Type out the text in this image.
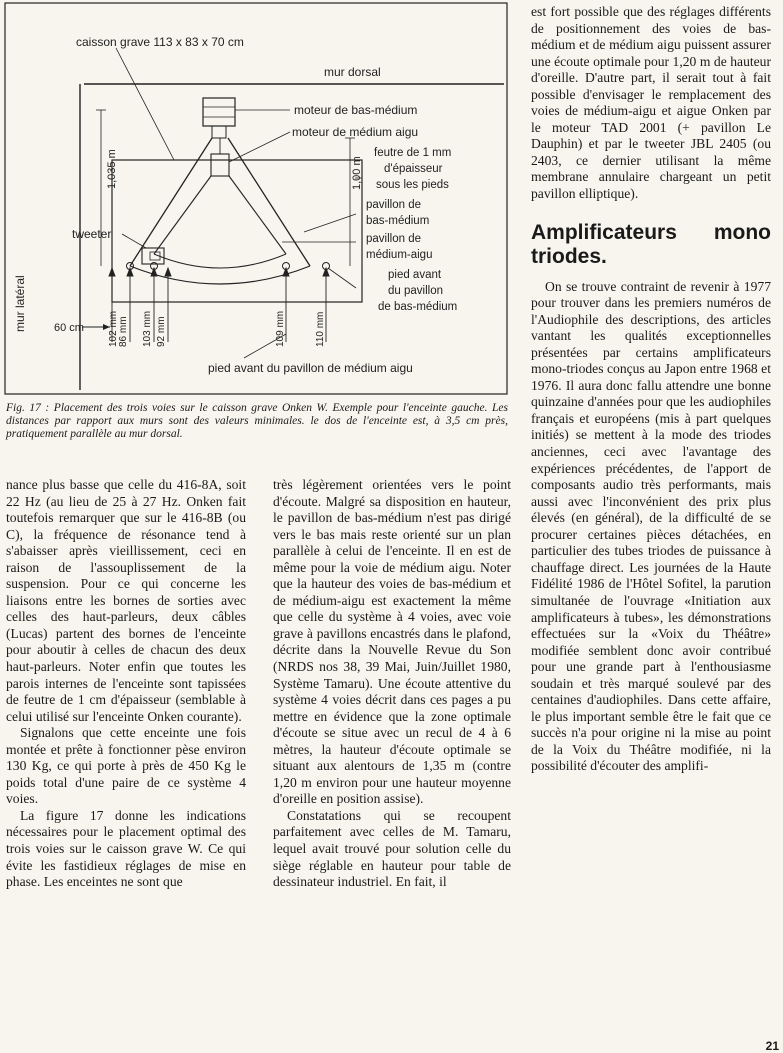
caisson grave 113 x 83 x 70 cm
mur dorsal
moteur de bas-médium
moteur de médium aigu
feutre de 1 mm
d'épaisseur
sous les pieds
pavillon de
bas-médium
pavillon de
médium-aigu
pied avant
du pavillon
de bas-médium
tweeter
mur latéral
1,035 m	1,00 m
60 cm 102 mm 86 mm 103 mm 92 mm	109 mm	110 mm
pied avant du pavillon de médium aigu

Fig. 17 : Placement des trois voies sur le caisson grave Onken W. Exemple pour l'enceinte gauche. Les distances par rapport aux murs sont des valeurs minimales. le dos de l'enceinte est, à 3,5 cm près, pratiquement parallèle au mur dorsal.

nance plus basse que celle du 416-8A, soit 22 Hz (au lieu de 25 à 27 Hz. Onken fait toutefois remarquer que sur le 416-8B (ou C), la fréquence de résonance tend à s'abaisser après vieillissement, ceci en raison de l'assouplissement de la suspension. Pour ce qui concerne les liaisons entre les bornes de sorties avec celles des haut-parleurs, deux câbles (Lucas) partent des bornes de l'enceinte pour aboutir à celles de chacun des deux haut-parleurs. Noter enfin que toutes les parois internes de l'enceinte sont tapissées de feutre de 1 cm d'épaisseur (semblable à celui utilisé sur l'enceinte Onken courante).

Signalons que cette enceinte une fois montée et prête à fonctionner pèse environ 130 Kg, ce qui porte à près de 450 Kg le poids total d'une paire de ce système 4 voies.

La figure 17 donne les indications nécessaires pour le placement optimal des trois voies sur le caisson grave W. Ce qui évite les fastidieux réglages de mise en phase. Les enceintes ne sont que

très légèrement orientées vers le point d'écoute. Malgré sa disposition en hauteur, le pavillon de bas-médium n'est pas dirigé vers le bas mais reste orienté sur un plan parallèle à celui de l'enceinte. Il en est de même pour la voie de médium aigu. Noter que la hauteur des voies de bas-médium et de médium-aigu est exactement la même que celle du système à 4 voies, avec voie grave à pavillons encastrés dans le plafond, décrite dans la Nouvelle Revue du Son (NRDS nos 38, 39 Mai, Juin/Juillet 1980, Système Tamaru). Une écoute attentive du système 4 voies décrit dans ces pages a pu mettre en évidence que la zone optimale d'écoute se situe avec un recul de 4 à 6 mètres, la hauteur d'écoute optimale se situant aux alentours de 1,35 m (contre 1,20 m environ pour une hauteur moyenne d'oreille en position assise).

Constatations qui se recoupent parfaitement avec celles de M. Tamaru, lequel avait trouvé pour solution celle du siège réglable en hauteur pour table de dessinateur industriel. En fait, il

est fort possible que des réglages différents de positionnement des voies de bas-médium et de médium aigu puissent assurer une écoute optimale pour 1,20 m de hauteur d'oreille. D'autre part, il serait tout à fait possible d'envisager le remplacement des voies de médium-aigu et aigue Onken par le moteur TAD 2001 (+ pavillon Le Dauphin) et par le tweeter JBL 2405 (ou 2403, ce dernier utilisant la même membrane annulaire chargeant un petit pavillon elliptique).

Amplificateurs mono

triodes.

On se trouve contraint de revenir à 1977 pour trouver dans les premiers numéros de l'Audiophile des descriptions, des articles vantant les qualités exceptionnelles présentées par certains amplificateurs mono-triodes conçus au Japon entre 1968 et 1976. Il aura donc fallu attendre une bonne quinzaine d'années pour que les audiophiles français et européens (mis à part quelques initiés) se mettent à la mode des triodes anciennes, ceci avec l'avantage des expériences précédentes, de l'apport de composants audio très performants, mais aussi avec l'inconvénient des prix plus élevés (en général), de la difficulté de se procurer certaines pièces détachées, en particulier des tubes triodes de puissance à chauffage direct. Les journées de la Haute Fidélité 1986 de l'Hôtel Sofitel, la parution simultanée de l'ouvrage «Initiation aux amplificateurs à tubes», les démonstrations effectuées sur la «Voix du Théâtre» modifiée semblent donc avoir contribué pour une grande part à l'enthousiasme soudain et très marqué soulevé par des centaines d'audiophiles. Dans cette affaire, le plus important semble être le fait que ce succès n'a pour origine ni la mise au point de la Voix du Théâtre modifiée, ni la possibilité d'écouter des amplifi-

21
